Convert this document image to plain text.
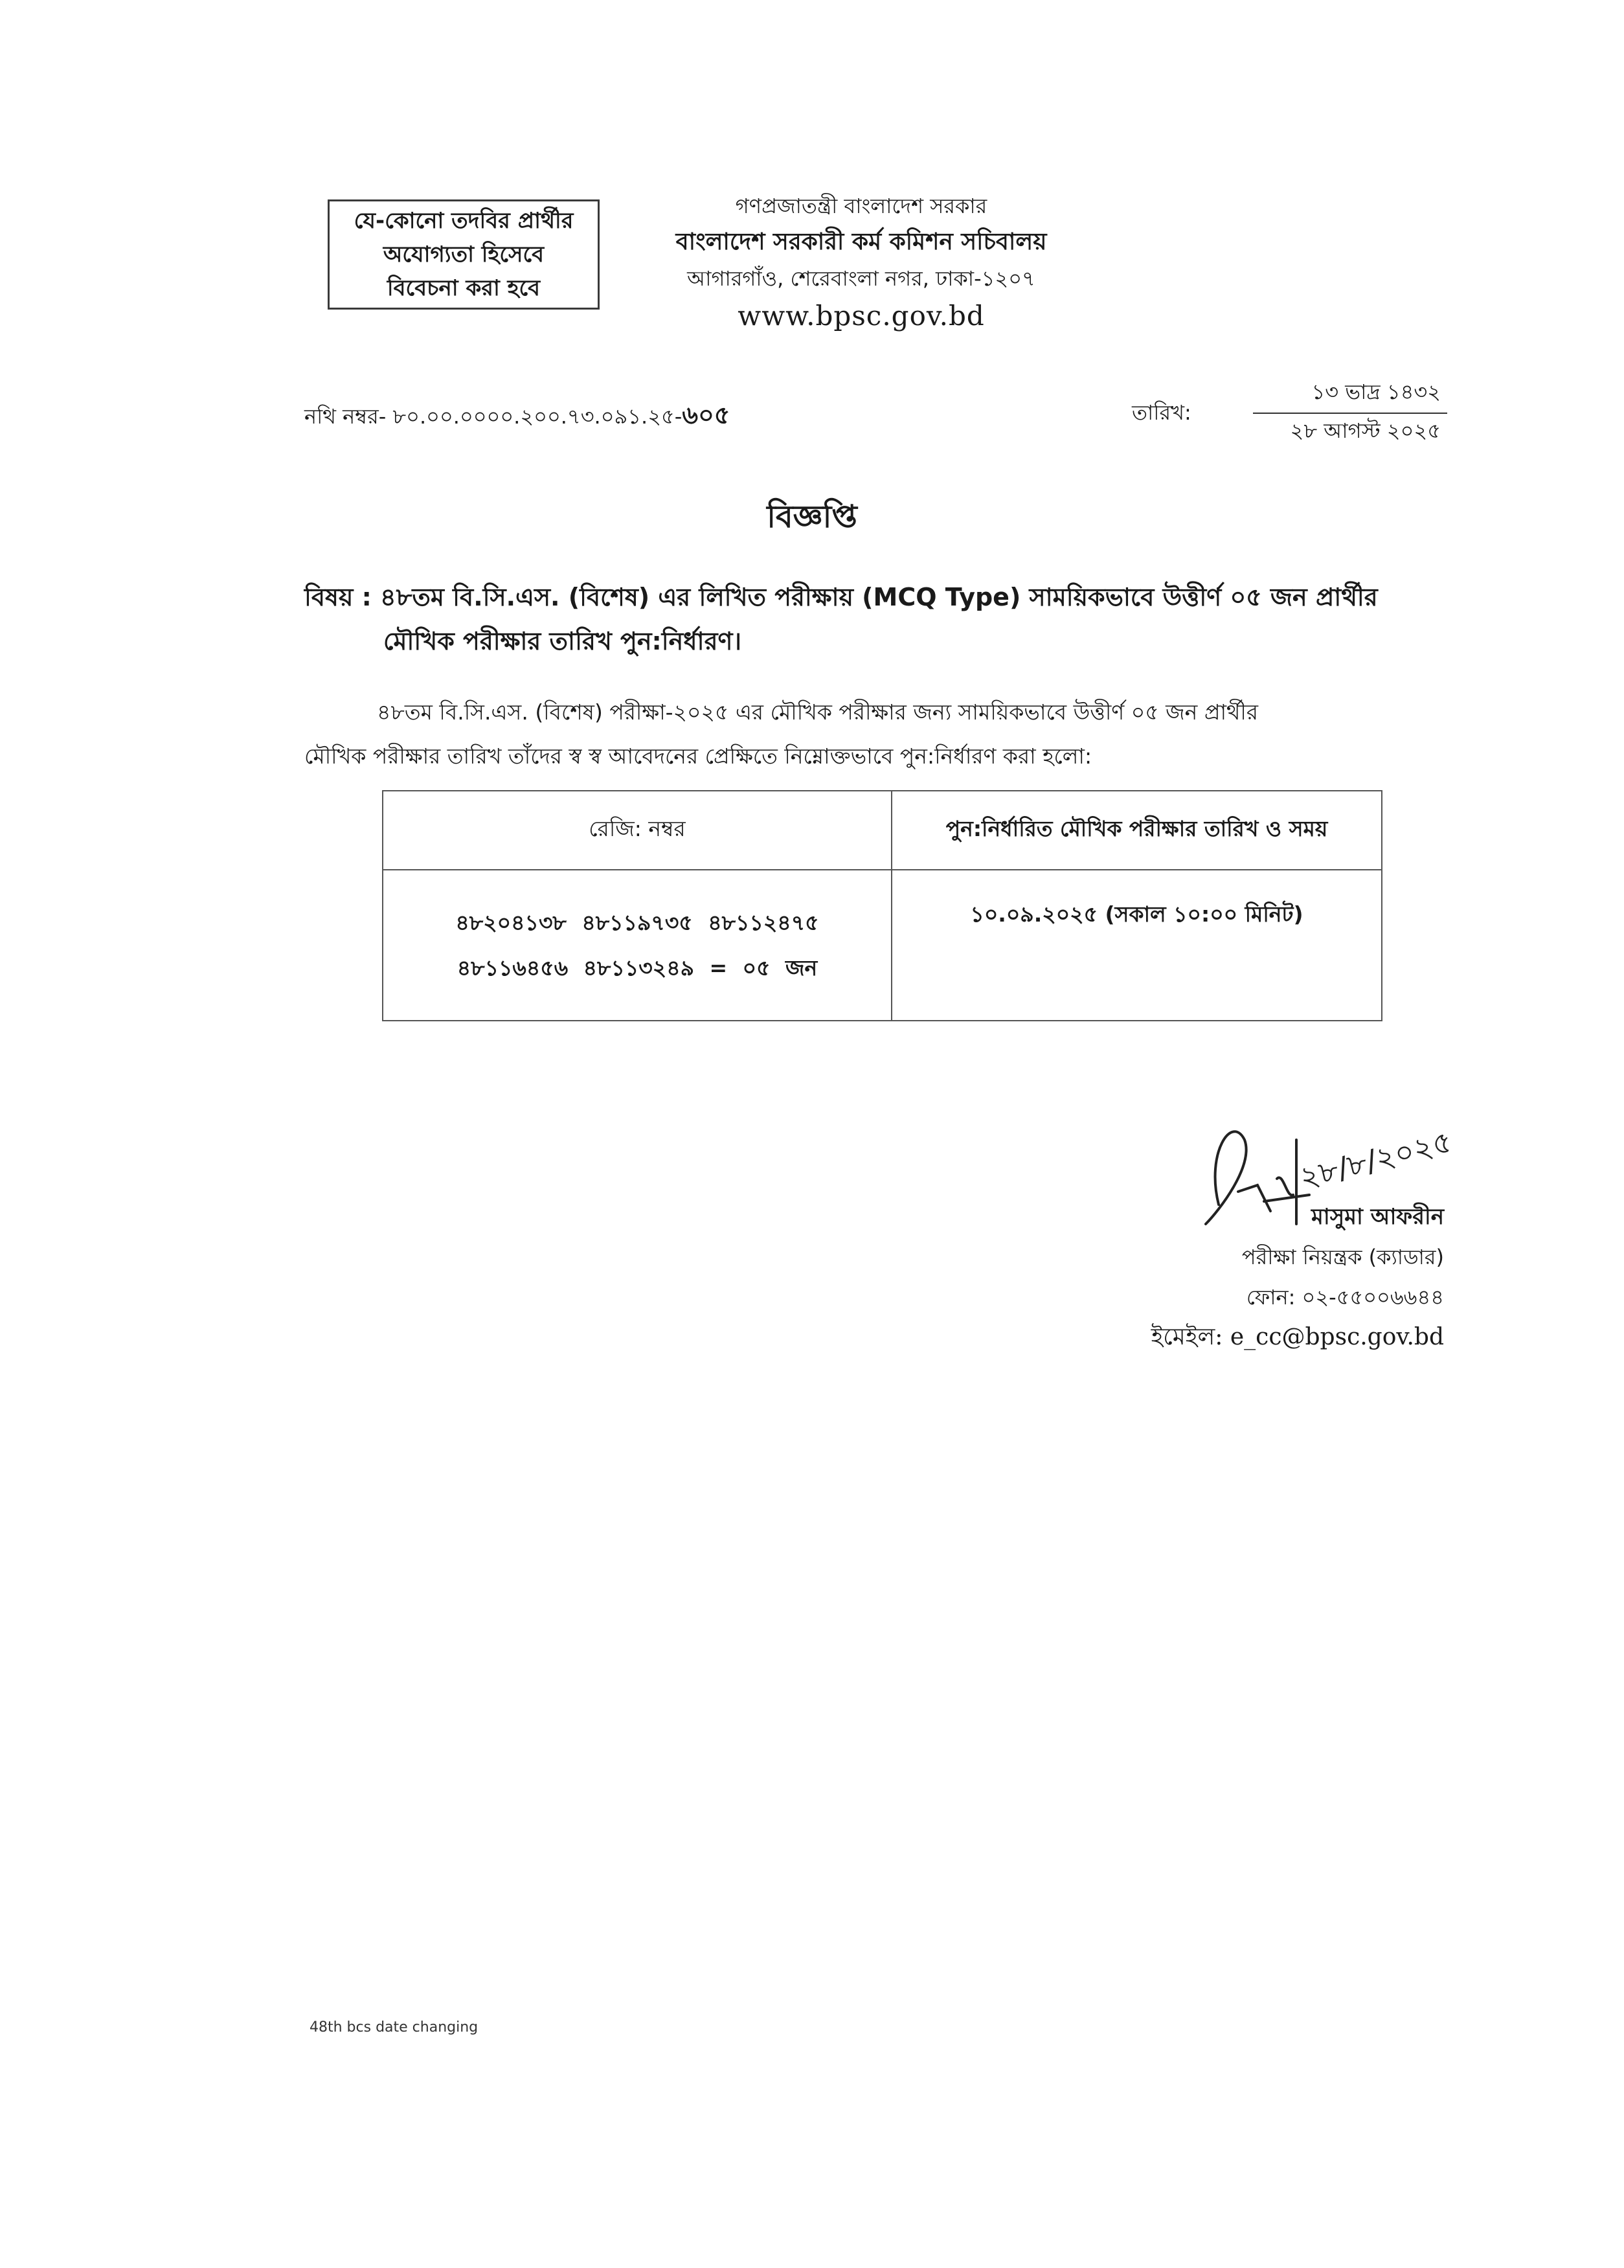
যে-কোনো তদবির প্রার্থীর
অযোগ্যতা হিসেবে
বিবেচনা করা হবে
গণপ্রজাতন্ত্রী বাংলাদেশ সরকার
বাংলাদেশ সরকারী কর্ম কমিশন সচিবালয়
আগারগাঁও, শেরেবাংলা নগর, ঢাকা-১২০৭
www.bpsc.gov.bd
নথি নম্বর- ৮০.০০.০০০০.২০০.৭৩.০৯১.২৫-৬০৫	তারিখ:
১৩ ভাদ্র ১৪৩২
২৮ আগস্ট ২০২৫
বিজ্ঞপ্তি
বিষয় : ৪৮তম বি.সি.এস. (বিশেষ) এর লিখিত পরীক্ষায় (MCQ Type) সাময়িকভাবে উত্তীর্ণ ০৫ জন প্রার্থীর
মৌখিক পরীক্ষার তারিখ পুন:নির্ধারণ।
৪৮তম বি.সি.এস. (বিশেষ) পরীক্ষা-২০২৫ এর মৌখিক পরীক্ষার জন্য সাময়িকভাবে উত্তীর্ণ ০৫ জন প্রার্থীর
মৌখিক পরীক্ষার তারিখ তাঁদের স্ব স্ব আবেদনের প্রেক্ষিতে নিম্নোক্তভাবে পুন:নির্ধারণ করা হলো:
রেজি: নম্বর	পুন:নির্ধারিত মৌখিক পরীক্ষার তারিখ ও সময়

৪৮২০৪১৩৮ ৪৮১১৯৭৩৫ ৪৮১১২৪৭৫
৪৮১১৬৪৫৬ ৪৮১১৩২৪৯ = ০৫ জন	১০.০৯.২০২৫ (সকাল ১০:০০ মিনিট)
২৮/৮/২০২৫
মাসুমা আফরীন
পরীক্ষা নিয়ন্ত্রক (ক্যাডার)
ফোন: ০২-৫৫০০৬৬৪৪
ইমেইল: e_cc@bpsc.gov.bd
48th bcs date changing
